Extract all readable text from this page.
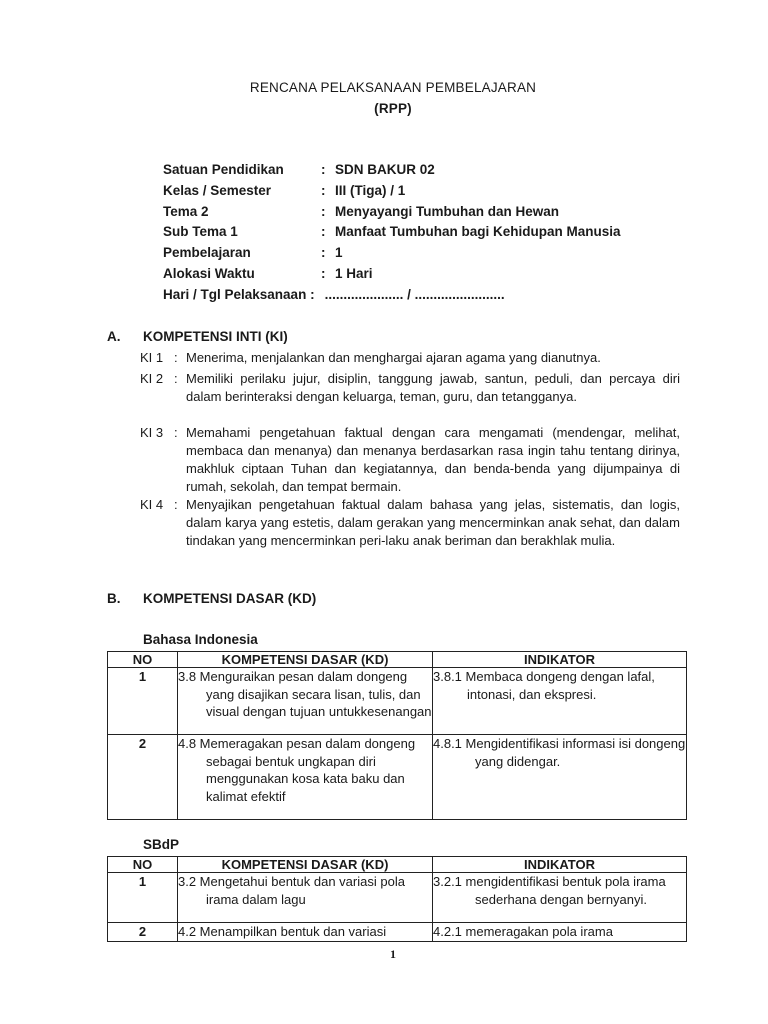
RENCANA PELAKSANAAN PEMBELAJARAN
(RPP)
Satuan Pendidikan	: SDN BAKUR 02
Kelas / Semester	: III (Tiga) / 1
Tema 2	: Menyayangi Tumbuhan dan Hewan
Sub Tema 1	: Manfaat Tumbuhan bagi Kehidupan Manusia
Pembelajaran	: 1
Alokasi Waktu	: 1 Hari
Hari / Tgl Pelaksanaan : ..................... / ........................
A. KOMPETENSI INTI (KI)
KI 1 : Menerima, menjalankan dan menghargai ajaran agama yang dianutnya.
KI 2 : Memiliki perilaku jujur, disiplin, tanggung jawab, santun, peduli, dan percaya diri dalam berinteraksi dengan keluarga, teman, guru, dan tetangganya.
KI 3 : Memahami pengetahuan faktual dengan cara mengamati (mendengar, melihat, membaca dan menanya) dan menanya berdasarkan rasa ingin tahu tentang dirinya, makhluk ciptaan Tuhan dan kegiatannya, dan benda-benda yang dijumpainya di rumah, sekolah, dan tempat bermain.
KI 4 : Menyajikan pengetahuan faktual dalam bahasa yang jelas, sistematis, dan logis, dalam karya yang estetis, dalam gerakan yang mencerminkan anak sehat, dan dalam tindakan yang mencerminkan peri-laku anak beriman dan berakhlak mulia.
B. KOMPETENSI DASAR (KD)
Bahasa Indonesia
NO	KOMPETENSI DASAR (KD)	INDIKATOR
1	3.8 Menguraikan pesan dalam dongeng yang disajikan secara lisan, tulis, dan visual dengan tujuan untukkesenangan	3.8.1 Membaca dongeng dengan lafal, intonasi, dan ekspresi.

2	4.8 Memeragakan pesan dalam dongeng sebagai bentuk ungkapan diri menggunakan kosa kata baku dan kalimat efektif	4.8.1 Mengidentifikasi informasi isi dongeng yang didengar.
SBdP
NO	KOMPETENSI DASAR (KD)	INDIKATOR
1	3.2 Mengetahui bentuk dan variasi pola irama dalam lagu	3.2.1 mengidentifikasi bentuk pola irama sederhana dengan bernyanyi.

2	4.2 Menampilkan bentuk dan variasi	4.2.1 memeragakan pola irama
1
